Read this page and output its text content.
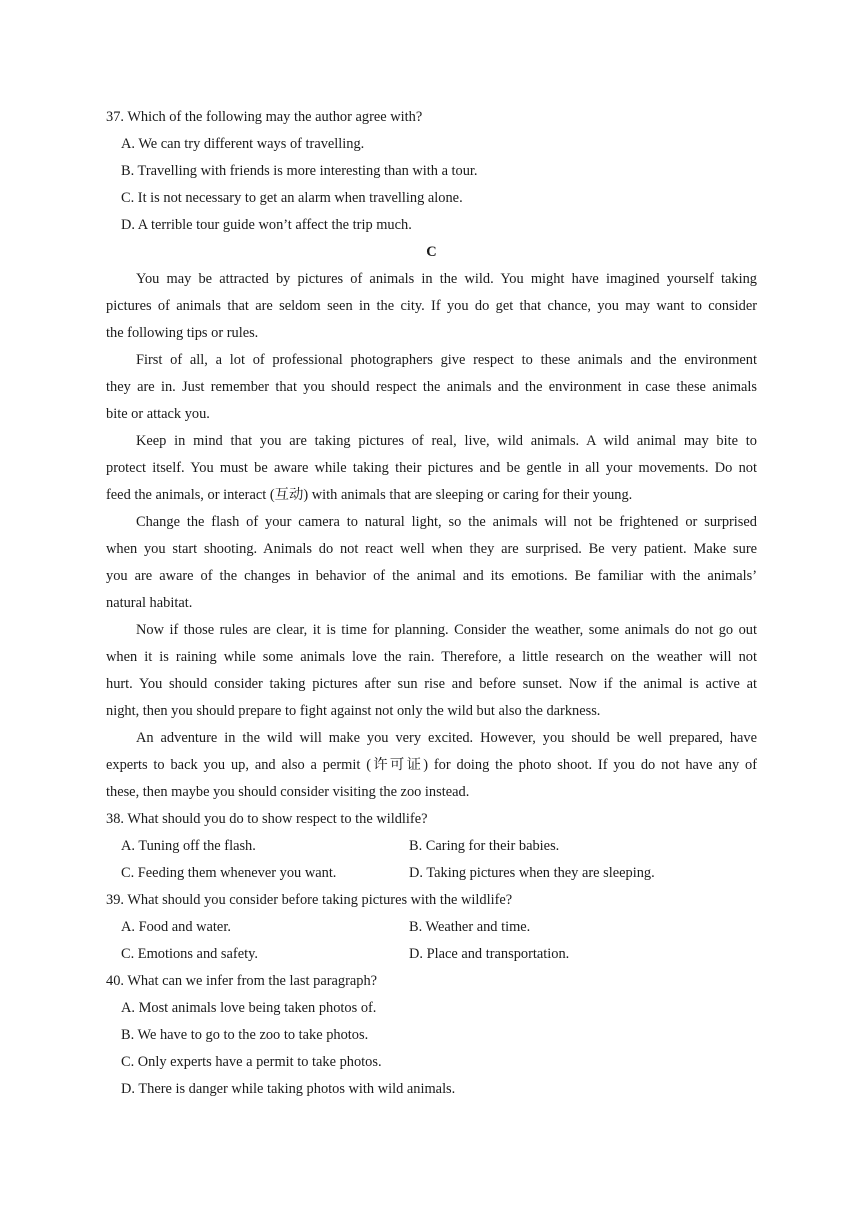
37. Which of the following may the author agree with?
A. We can try different ways of travelling.
B. Travelling with friends is more interesting than with a tour.
C. It is not necessary to get an alarm when travelling alone.
D. A terrible tour guide won’t affect the trip much.
C
You may be attracted by pictures of animals in the wild. You might have imagined yourself taking
pictures of animals that are seldom seen in the city. If you do get that chance, you may want to consider
the following tips or rules.
First of all, a lot of professional photographers give respect to these animals and the environment
they are in. Just remember that you should respect the animals and the environment in case these animals
bite or attack you.
Keep in mind that you are taking pictures of real, live, wild animals. A wild animal may bite to
protect itself. You must be aware while taking their pictures and be gentle in all your movements. Do not
feed the animals, or interact (互动) with animals that are sleeping or caring for their young.
Change the flash of your camera to natural light, so the animals will not be frightened or surprised
when you start shooting. Animals do not react well when they are surprised. Be very patient. Make sure
you are aware of the changes in behavior of the animal and its emotions. Be familiar with the animals’
natural habitat.
Now if those rules are clear, it is time for planning. Consider the weather, some animals do not go out
when it is raining while some animals love the rain. Therefore, a little research on the weather will not
hurt. You should consider taking pictures after sun rise and before sunset. Now if the animal is active at
night, then you should prepare to fight against not only the wild but also the darkness.
An adventure in the wild will make you very excited. However, you should be well prepared, have
experts to back you up, and also a permit (许可证) for doing the photo shoot. If you do not have any of
these, then maybe you should consider visiting the zoo instead.
38. What should you do to show respect to the wildlife?
A. Tuning off the flash.	B. Caring for their babies.
C. Feeding them whenever you want.	D. Taking pictures when they are sleeping.
39. What should you consider before taking pictures with the wildlife?
A. Food and water.	B. Weather and time.
C. Emotions and safety.	D. Place and transportation.
40. What can we infer from the last paragraph?
A. Most animals love being taken photos of.
B. We have to go to the zoo to take photos.
C. Only experts have a permit to take photos.
D. There is danger while taking photos with wild animals.
